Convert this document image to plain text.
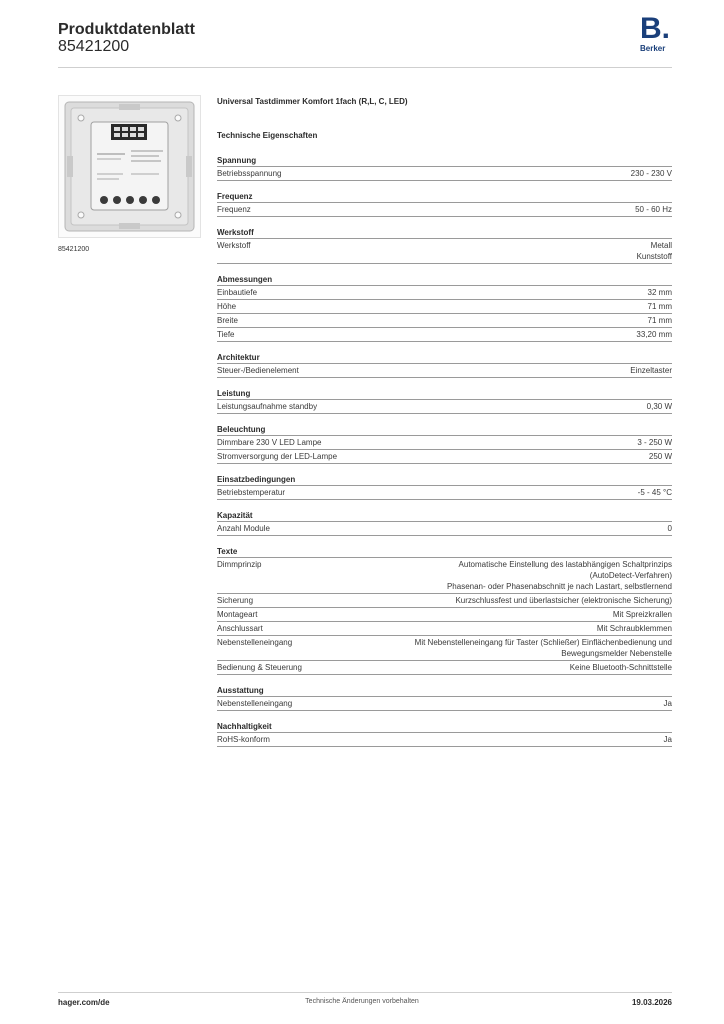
Produktdatenblatt
85421200
B.
Berker
85421200
Universal Tastdimmer Komfort 1fach (R,L, C, LED)
Technische Eigenschaften
Spannung
Betriebsspannung	230 - 230 V
Frequenz
Frequenz	50 - 60 Hz
Werkstoff
Werkstoff	Metall
Kunststoff
Abmessungen
Einbautiefe	32 mm
Höhe	71 mm
Breite	71 mm
Tiefe	33,20 mm
Architektur
Steuer-/Bedienelement	Einzeltaster
Leistung
Leistungsaufnahme standby	0,30 W
Beleuchtung
Dimmbare 230 V LED Lampe	3 - 250 W
Stromversorgung der LED-Lampe	250 W
Einsatzbedingungen
Betriebstemperatur	-5 - 45 °C
Kapazität
Anzahl Module	0
Texte
Dimmprinzip	Automatische Einstellung des lastabhängigen Schaltprinzips
(AutoDetect-Verfahren)
Phasenan- oder Phasenabschnitt je nach Lastart, selbstlernend
Sicherung	Kurzschlussfest und überlastsicher (elektronische Sicherung)
Montageart	Mit Spreizkrallen
Anschlussart	Mit Schraubklemmen
Nebenstelleneingang	Mit Nebenstelleneingang für Taster (Schließer) Einflächenbedienung und
Bewegungsmelder Nebenstelle
Bedienung & Steuerung	Keine Bluetooth-Schnittstelle
Ausstattung
Nebenstelleneingang	Ja
Nachhaltigkeit
RoHS-konform	Ja
hager.com/de	Technische Änderungen vorbehalten	19.03.2026
